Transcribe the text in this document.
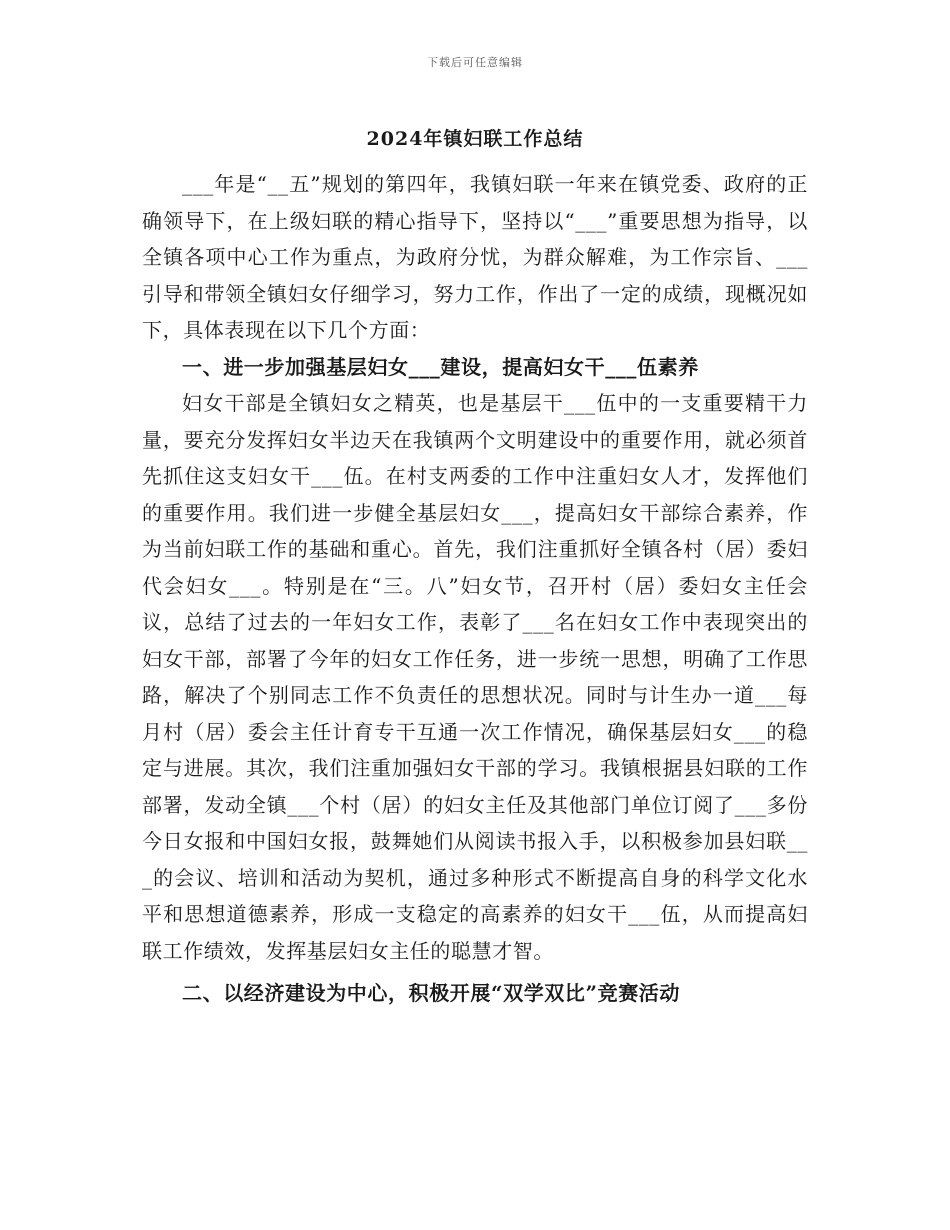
下载后可任意编辑
2024年镇妇联工作总结

___年是“__五”规划的第四年，我镇妇联一年来在镇党委、政府的正确领导下，在上级妇联的精心指导下，坚持以“___”重要思想为指导，以全镇各项中心工作为重点，为政府分忧，为群众解难，为工作宗旨、___引导和带领全镇妇女仔细学习，努力工作，作出了一定的成绩，现概况如下，具体表现在以下几个方面：

一、进一步加强基层妇女___建设，提高妇女干___伍素养

妇女干部是全镇妇女之精英，也是基层干___伍中的一支重要精干力量，要充分发挥妇女半边天在我镇两个文明建设中的重要作用，就必须首先抓住这支妇女干___伍。在村支两委的工作中注重妇女人才，发挥他们的重要作用。我们进一步健全基层妇女___，提高妇女干部综合素养，作为当前妇联工作的基础和重心。首先，我们注重抓好全镇各村（居）委妇代会妇女___。特别是在“三。八”妇女节，召开村（居）委妇女主任会议，总结了过去的一年妇女工作，表彰了___名在妇女工作中表现突出的妇女干部，部署了今年的妇女工作任务，进一步统一思想，明确了工作思路，解决了个别同志工作不负责任的思想状况。同时与计生办一道___每月村（居）委会主任计育专干互通一次工作情况，确保基层妇女___的稳定与进展。其次，我们注重加强妇女干部的学习。我镇根据县妇联的工作部署，发动全镇___个村（居）的妇女主任及其他部门单位订阅了___多份今日女报和中国妇女报，鼓舞她们从阅读书报入手，以积极参加县妇联___的会议、培训和活动为契机，通过多种形式不断提高自身的科学文化水平和思想道德素养，形成一支稳定的高素养的妇女干___伍，从而提高妇联工作绩效，发挥基层妇女主任的聪慧才智。

二、以经济建设为中心，积极开展“双学双比”竞赛活动
